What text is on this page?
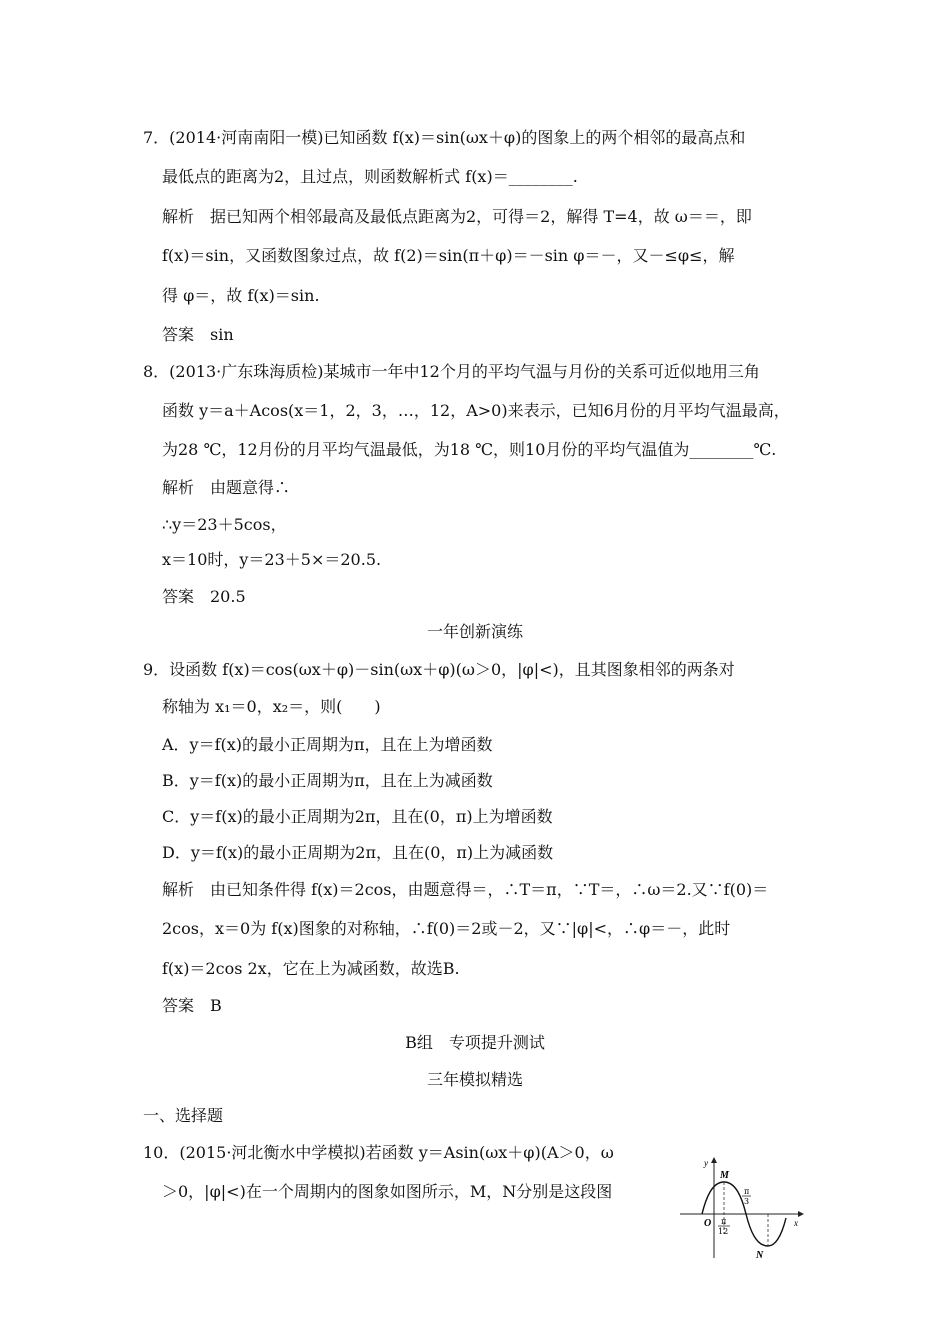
7．(2014·河南南阳一模)已知函数 f(x)＝sin(ωx＋φ)的图象上的两个相邻的最高点和
最低点的距离为2，且过点，则函数解析式 f(x)＝________.
解析　据已知两个相邻最高及最低点距离为2，可得＝2，解得 T=4，故 ω＝＝，即
f(x)＝sin，又函数图象过点，故 f(2)＝sin(π＋φ)＝－sin φ＝－，又－≤φ≤，解
得 φ＝，故 f(x)＝sin.
答案　sin
8．(2013·广东珠海质检)某城市一年中12个月的平均气温与月份的关系可近似地用三角
函数 y＝a＋Acos(x＝1，2，3，…，12，A>0)来表示，已知6月份的月平均气温最高，
为28 ℃，12月份的月平均气温最低，为18 ℃，则10月份的平均气温值为________℃.
解析　由题意得∴
∴y＝23＋5cos，
x＝10时，y＝23＋5×＝20.5.
答案　20.5
一年创新演练
9．设函数 f(x)＝cos(ωx＋φ)－sin(ωx＋φ)(ω＞0，|φ|<)，且其图象相邻的两条对
称轴为 x₁＝0，x₂＝，则(　　)
A．y＝f(x)的最小正周期为π，且在上为增函数
B．y＝f(x)的最小正周期为π，且在上为减函数
C．y＝f(x)的最小正周期为2π，且在(0，π)上为增函数
D．y＝f(x)的最小正周期为2π，且在(0，π)上为减函数
解析　由已知条件得 f(x)＝2cos，由题意得＝，∴T＝π，∵T＝，∴ω＝2.又∵f(0)＝
2cos，x＝0为 f(x)图象的对称轴，∴f(0)＝2或－2，又∵|φ|<，∴φ＝－，此时
f(x)＝2cos 2x，它在上为减函数，故选B.
答案　B
B组　专项提升测试
三年模拟精选
一、选择题
10．(2015·河北衡水中学模拟)若函数 y＝Asin(ωx＋φ)(A＞0，ω
＞0，|φ|<)在一个周期内的图象如图所示，M，N分别是这段图
y
x
O
M
N
π
3
π
12
